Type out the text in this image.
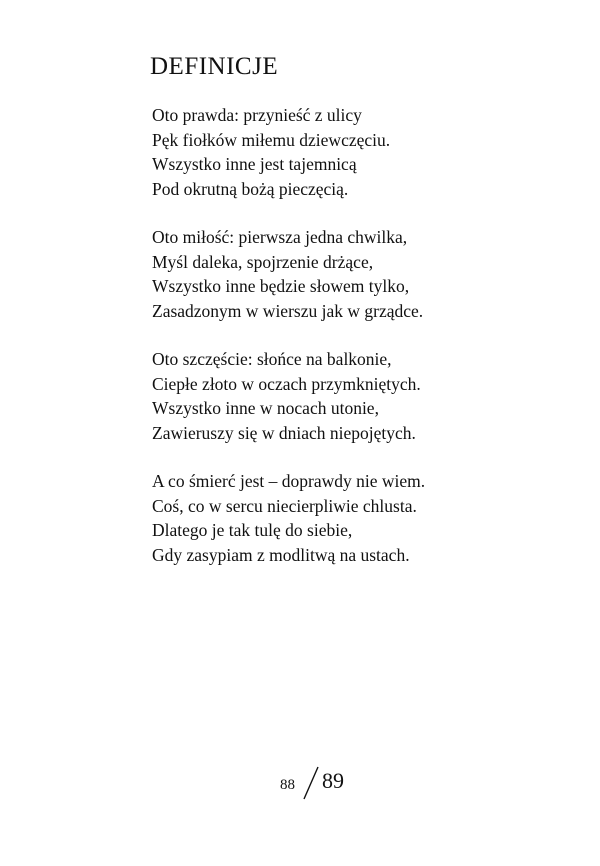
DEFINICJE
Oto prawda: przynieść z ulicy
Pęk fiołków miłemu dziewczęciu.
Wszystko inne jest tajemnicą
Pod okrutną bożą pieczęcią.
Oto miłość: pierwsza jedna chwilka,
Myśl daleka, spojrzenie drżące,
Wszystko inne będzie słowem tylko,
Zasadzonym w wierszu jak w grządce.
Oto szczęście: słońce na balkonie,
Ciepłe złoto w oczach przymkniętych.
Wszystko inne w nocach utonie,
Zawieruszy się w dniach niepojętych.
A co śmierć jest – doprawdy nie wiem.
Coś, co w sercu niecierpliwie chlusta.
Dlatego je tak tulę do siebie,
Gdy zasypiam z modlitwą na ustach.
88 89
